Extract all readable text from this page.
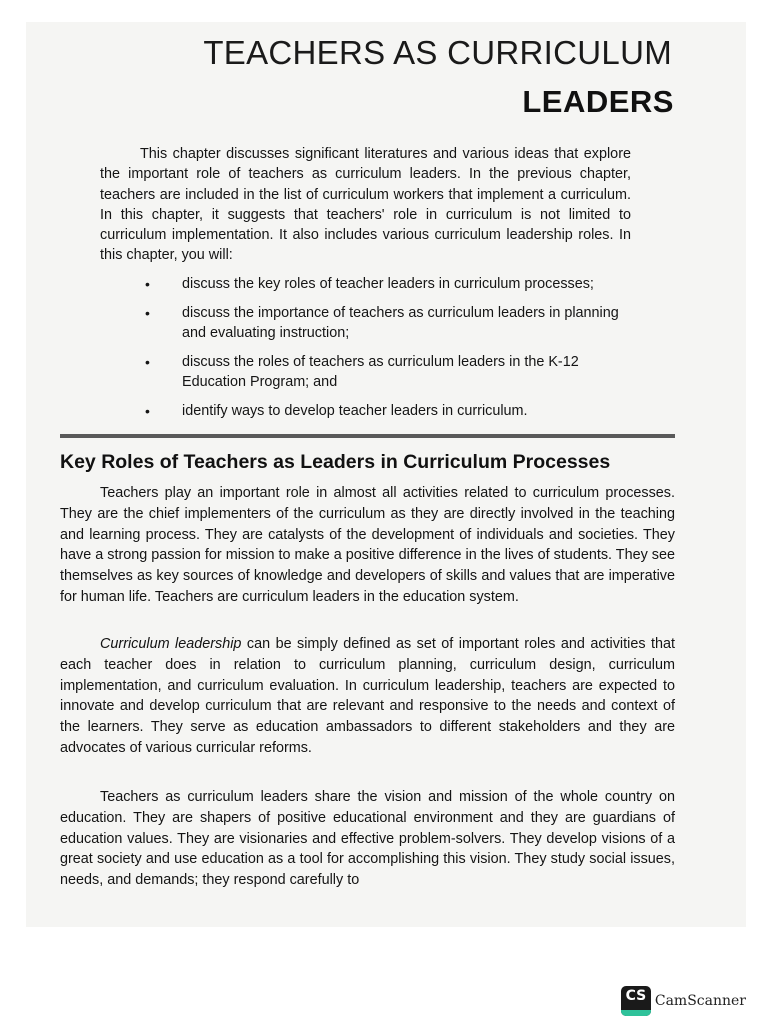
TEACHERS AS CURRICULUM
LEADERS

This chapter discusses significant literatures and various ideas that explore the important role of teachers as curriculum leaders. In the previous chapter, teachers are included in the list of curriculum workers that implement a curriculum. In this chapter, it suggests that teachers' role in curriculum is not limited to curriculum implementation. It also includes various curriculum leadership roles. In this chapter, you will:

• discuss the key roles of teacher leaders in curriculum processes;
• discuss the importance of teachers as curriculum leaders in planning and evaluating instruction;
• discuss the roles of teachers as curriculum leaders in the K-12 Education Program; and
• identify ways to develop teacher leaders in curriculum.
Key Roles of Teachers as Leaders in Curriculum Processes

Teachers play an important role in almost all activities related to curriculum processes. They are the chief implementers of the curriculum as they are directly involved in the teaching and learning process. They are catalysts of the development of individuals and societies. They have a strong passion for mission to make a positive difference in the lives of students. They see themselves as key sources of knowledge and developers of skills and values that are imperative for human life. Teachers are curriculum leaders in the education system.

Curriculum leadership can be simply defined as set of important roles and activities that each teacher does in relation to curriculum planning, curriculum design, curriculum implementation, and curriculum evaluation. In curriculum leadership, teachers are expected to innovate and develop curriculum that are relevant and responsive to the needs and context of the learners. They serve as education ambassadors to different stakeholders and they are advocates of various curricular reforms.

Teachers as curriculum leaders share the vision and mission of the whole country on education. They are shapers of positive educational environment and they are guardians of education values. They are visionaries and effective problem-solvers. They develop visions of a great society and use education as a tool for accomplishing this vision. They study social issues, needs, and demands; they respond carefully to

CS CamScanner
